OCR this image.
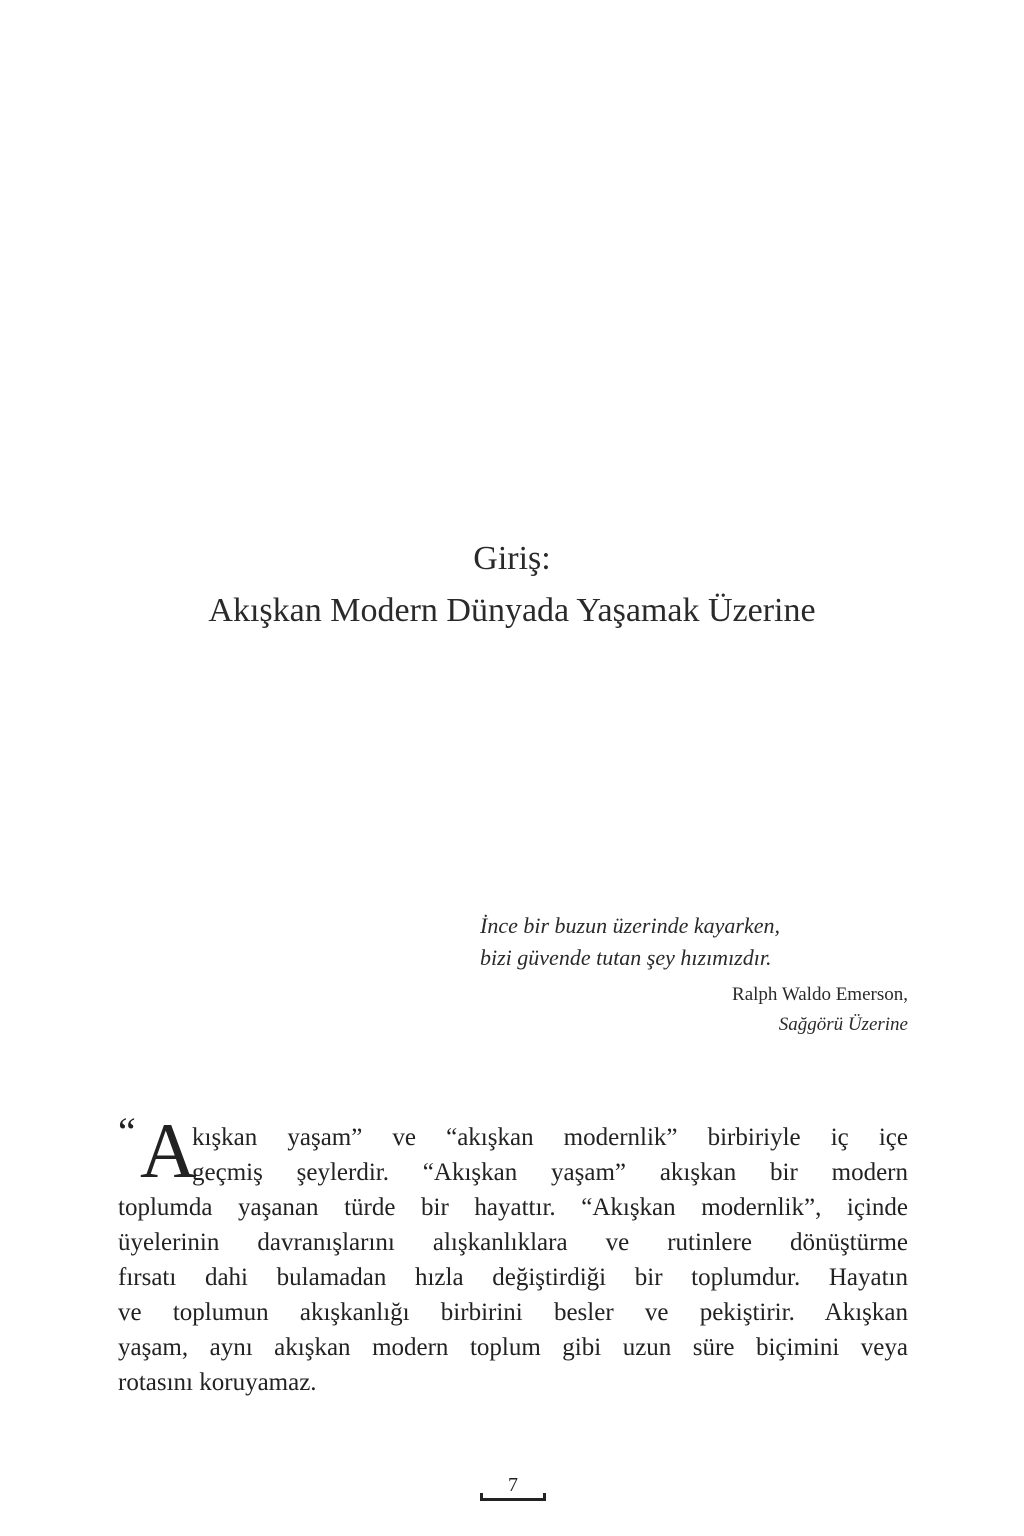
Giriş:
Akışkan Modern Dünyada Yaşamak Üzerine
İnce bir buzun üzerinde kayarken,
bizi güvende tutan şey hızımızdır.
Ralph Waldo Emerson,
Sağgörü Üzerine
“ A
kışkan yaşam” ve “akışkan modernlik” birbiriyle iç içe
geçmiş şeylerdir. “Akışkan yaşam” akışkan bir modern
toplumda yaşanan türde bir hayattır. “Akışkan modernlik”, içinde
üyelerinin davranışlarını alışkanlıklara ve rutinlere dönüştürme
fırsatı dahi bulamadan hızla değiştirdiği bir toplumdur. Hayatın
ve toplumun akışkanlığı birbirini besler ve pekiştirir. Akışkan
yaşam, aynı akışkan modern toplum gibi uzun süre biçimini veya
rotasını koruyamaz.
7
